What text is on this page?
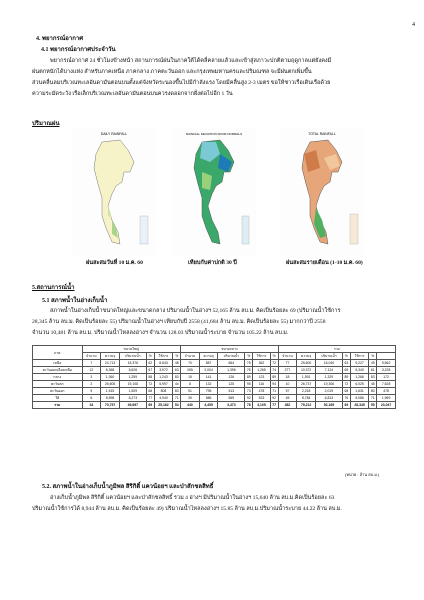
4
4. พยากรณ์อากาศ
4.1 พยากรณ์อากาศประจำวัน

พยากรณ์อากาศ 24 ชั่วโมงข้างหน้า สถานการณ์ฝนในภาคใต้ได้คลี่คลายแล้วและเข้าสู่สภาวะปกติตามฤดูกาลแต่ยังคงมี

ฝนตกหนักได้บางแห่ง สำหรับภาคเหนือ ภาคกลาง ภาคตะวันออก และกรุงเทพมหานครและปริมณฑล จะมีฝนตกเพิ่มขึ้น

ส่วนคลื่นลมบริเวณทะเลอันดามันตอนบนตั้งแต่จังหวัดระนองขึ้นไปมีกำลังแรง โดยมีคลื่นสูง 2-3 เมตร ขอให้ชาวเรือเดินเรือด้วย

ความระมัดระวัง เรือเล็กบริเวณทะเลอันดามันตอนบนควรงดออกจากฝั่งต่อไปอีก 1 วัน

ปริมาณฝน
DAILY RAINFALL	RAINFALL DEVIATION FROM NORMALS	TOTAL RAINFALL
ฝนสะสมวันที่ 10 ม.ค. 60	เทียบกับค่าปกติ 30 ปี	ฝนสะสมรายเดือน (1-10 ม.ค. 60)
5.สถานการณ์น้ำ
5.1 สภาพน้ำในอ่างเก็บน้ำ

สภาพน้ำในอ่างเก็บน้ำขนาดใหญ่และขนาดกลาง ปริมาณน้ำในอ่างฯ 52,165 ล้าน ลบ.ม. คิดเป็นร้อยละ 69 (ปริมาณน้ำใช้การ

28,345 ล้าน ลบ.ม. คิดเป็นร้อยละ 55) ปริมาณน้ำในอ่างฯ เทียบกับปี 2558 (41,684 ล้าน ลบ.ม. คิดเป็นร้อยละ 55) มากกว่าปี 2558

จำนวน 10,481 ล้าน ลบ.ม. ปริมาณน้ำไหลลงอ่างฯ จำนวน 128.03 ปริมาณน้ำระบาย จำนวน 105.22 ล้าน ลบ.ม.

ภาค	ขนาดใหญ่						ขนาดกลาง						รวม						
	จำนวน	ความจุ	ปริมาณน้ำ	%	ใช้การ	%	จำนวน	ความจุ	ปริมาณน้ำ	%	ใช้การ	%	จำนวน	ความจุ	ปริมาณน้ำ	%	ใช้การ	%	
เหนือ	7	24,713	15,376	62	8,643	48	70	887	664	75	362	72	77	25,600	16,040	63	9,227	49	9,562
ตะวันออกเฉียงเหนือ	12	8,368	5,626	67	3,972	63	265	2,004	1,396	75	1,265	74	277	10,372	7,124	69	5,340	61	3,228
กลาง	3	1,360	1,259	88	1,243	83	15	141	126	89	123	89	18	1,591	1,329	89	1,266	83	172
ตะวันตก	2	26,605	19,108	72	5,997	44	8	132	125	95	116	94	10	26,737	19,306	72	6,025	45	7,628
ตะวันออก	5	1,515	1,509	68	808	83	51	795	513	73	478	71	57	2,218	2,019	65	1,631	80	478
ใต้	6	8,598	6,273	77	4,940	71	39	586	569	92	523	92	45	8,784	6,813	76	5,086	71	1,969
รวม	34	70,757	49,697	69	25,162	54	440	4,455	3,473	78	3,105	77	482	75,212	52,165	69	28,345	55	23,047
(หน่วย : ล้าน ลบ.ม.)
5.2. สภาพน้ำในอ่างเก็บน้ำภูมิพล สิริกิติ์ แควน้อยฯ และป่าสักชลสิทธิ์

อ่างเก็บน้ำภูมิพล สิริกิติ์ แควน้อยฯ และป่าสักชลสิทธิ์ รวม 4 อ่างฯ มีปริมาณน้ำในอ่างฯ 15,640 ล้าน ลบ.ม.คิดเป็นร้อยละ 63

ปริมาณน้ำใช้การได้ 8,944 ล้าน ลบ.ม. คิดเป็นร้อยละ 49) ปริมาณน้ำไหลลงอ่างฯ 15.85 ล้าน ลบ.ม.ปริมาณน้ำระบาย 44.22 ล้าน ลบ.ม.
